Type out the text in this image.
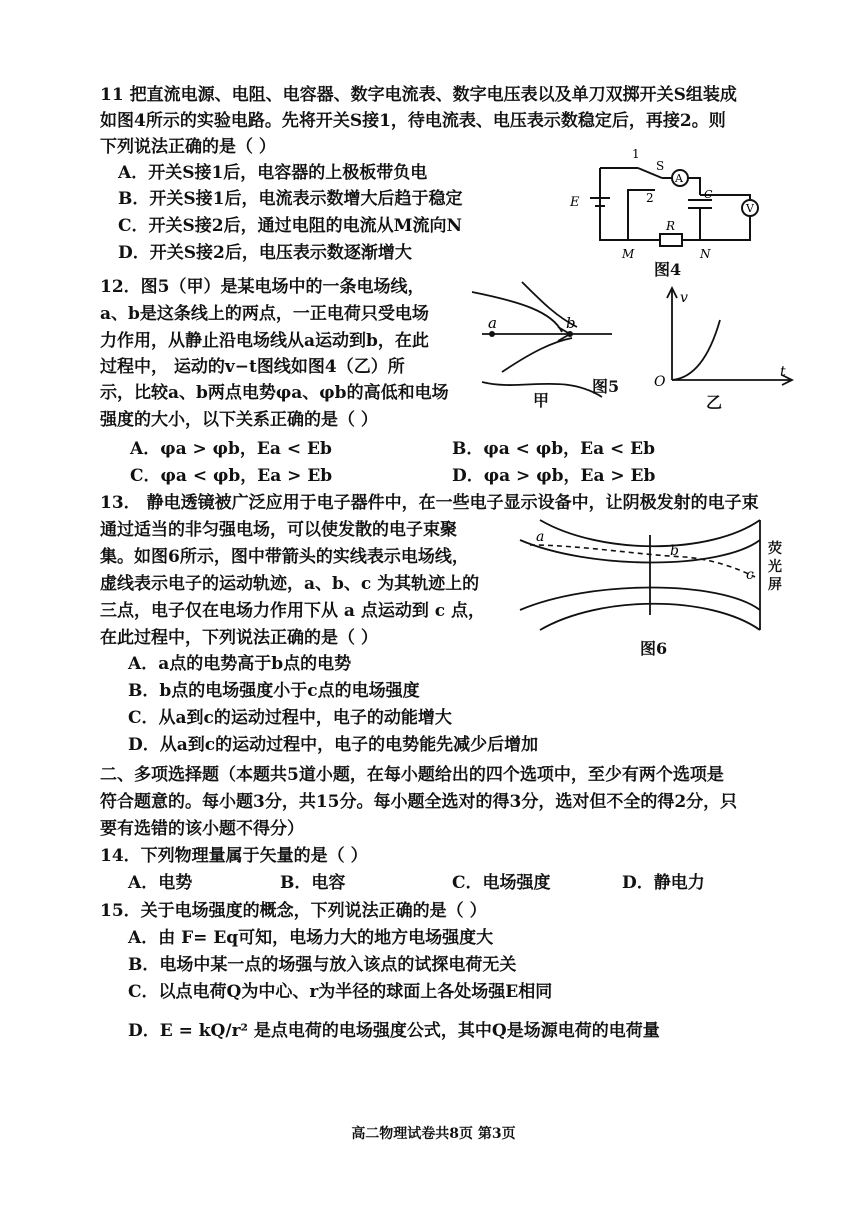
11 把直流电源、电阻、电容器、数字电流表、数字电压表以及单刀双掷开关S组装成
如图4所示的实验电路。先将开关S接1，待电流表、电压表示数稳定后，再接2。则
下列说法正确的是（ ）
A．开关S接1后，电容器的上极板带负电
B．开关S接1后，电流表示数增大后趋于稳定
C．开关S接2后，通过电阻的电流从M流向N
D．开关S接2后，电压表示数逐渐增大
E
1
S
2
A
V
C
R
M	N
图4
12．图5（甲）是某电场中的一条电场线，
a、b是这条线上的两点，一正电荷只受电场
力作用，从静止沿电场线从a运动到b，在此
过程中， 运动的v−t图线如图4（乙）所
示，比较a、b两点电势φa、φb的高低和电场
强度的大小，以下关系正确的是（ ）
a	b
图5
甲
v
t
O
乙
A．φa > φb，Ea < Eb	B．φa < φb，Ea < Eb
C．φa < φb，Ea > Eb	D．φa > φb，Ea > Eb
13． 静电透镜被广泛应用于电子器件中，在一些电子显示设备中，让阴极发射的电子束
通过适当的非匀强电场，可以使发散的电子束聚
集。如图6所示，图中带箭头的实线表示电场线，
虚线表示电子的运动轨迹，a、b、c 为其轨迹上的
三点，电子仅在电场力作用下从 a 点运动到 c 点，
在此过程中，下列说法正确的是（ ）
A．a点的电势高于b点的电势
B．b点的电场强度小于c点的电场强度
C．从a到c的运动过程中，电子的动能增大
D．从a到c的运动过程中，电子的电势能先减少后增加
a
b
c
荧光屏
图6
二、多项选择题（本题共5道小题，在每小题给出的四个选项中，至少有两个选项是
符合题意的。每小题3分，共15分。每小题全选对的得3分，选对但不全的得2分，只
要有选错的该小题不得分）
14．下列物理量属于矢量的是（ ）
A．电势	B．电容	C．电场强度	D．静电力
15．关于电场强度的概念，下列说法正确的是（ ）
A．由 F= Eq可知，电场力大的地方电场强度大
B．电场中某一点的场强与放入该点的试探电荷无关
C．以点电荷Q为中心、r为半径的球面上各处场强E相同
D．E = kQ/r² 是点电荷的电场强度公式，其中Q是场源电荷的电荷量
高二物理试卷共8页 第3页
